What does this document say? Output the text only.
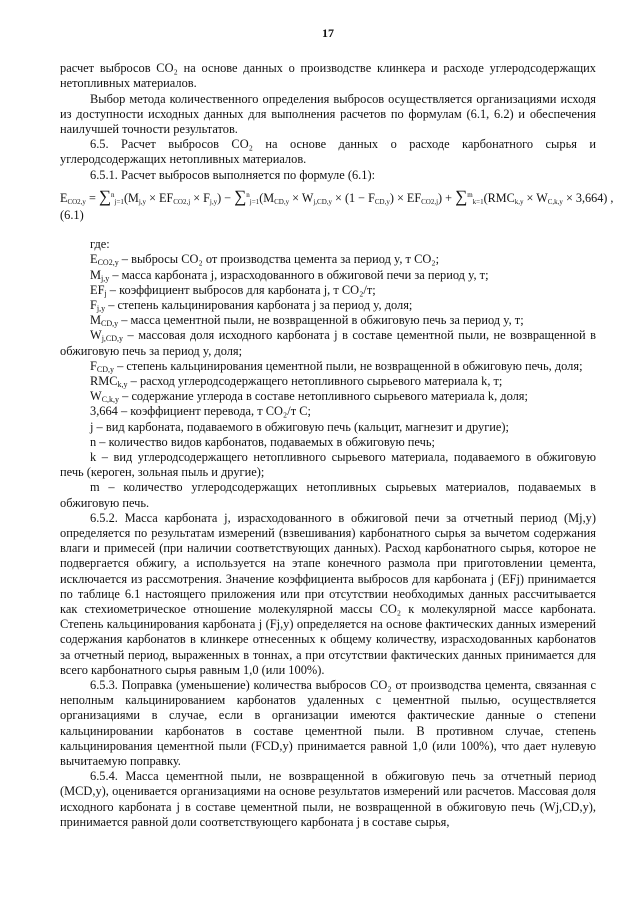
17

расчет выбросов CO₂ на основе данных о производстве клинкера и расходе углеродсодержащих нетопливных материалов.

Выбор метода количественного определения выбросов осуществляется организациями исходя из доступности исходных данных для выполнения расчетов по формулам (6.1, 6.2) и обеспечения наилучшей точности результатов.

6.5. Расчет выбросов CO₂ на основе данных о расходе карбонатного сырья и углеродсодержащих нетопливных материалов.

6.5.1. Расчет выбросов выполняется по формуле (6.1):

$E_{CO2,y} = \sum^n_{j=1}(M_{j,y} \times EF_{CO2,j} \times F_{j,y}) - \sum^n_{j=1}(M_{CD,y} \times W_{j,CD,y} \times (1 - F_{CD,y}) \times EF_{CO2,j}) + \sum^m_{k=1}(RMC_{k,y} \times W_{C,k,y} \times 3,664)$ ,
(6.1)

где:

$E_{CO2,y}$ – выбросы CO₂ от производства цемента за период y, т CO₂;

$M_{j,y}$ – масса карбоната j, израсходованного в обжиговой печи за период y, т;

$EF_j$ – коэффициент выбросов для карбоната j, т CO₂/т;

$F_{j,y}$ – степень кальцинирования карбоната j за период y, доля;

$M_{CD,y}$ – масса цементной пыли, не возвращенной в обжиговую печь за период y, т;

$W_{j,CD,y}$ – массовая доля исходного карбоната j в составе цементной пыли, не возвращенной в обжиговую печь за период y, доля;

$F_{CD,y}$ – степень кальцинирования цементной пыли, не возвращенной в обжиговую печь, доля;

$RMC_{k,y}$ – расход углеродсодержащего нетопливного сырьевого материала k, т;

$W_{C,k,y}$ – содержание углерода в составе нетопливного сырьевого материала k, доля;

3,664 – коэффициент перевода, т CO₂/т C;

j – вид карбоната, подаваемого в обжиговую печь (кальцит, магнезит и другие);

n – количество видов карбонатов, подаваемых в обжиговую печь;

k – вид углеродсодержащего нетопливного сырьевого материала, подаваемого в обжиговую печь (кероген, зольная пыль и другие);

m – количество углеродсодержащих нетопливных сырьевых материалов, подаваемых в обжиговую печь.

6.5.2. Масса карбоната j, израсходованного в обжиговой печи за отчетный период (Mj,y) определяется по результатам измерений (взвешивания) карбонатного сырья за вычетом содержания влаги и примесей (при наличии соответствующих данных). Расход карбонатного сырья, которое не подвергается обжигу, а используется на этапе конечного размола при приготовлении цемента, исключается из рассмотрения. Значение коэффициента выбросов для карбоната j (EFj) принимается по таблице 6.1 настоящего приложения или при отсутствии необходимых данных рассчитывается как стехиометрическое отношение молекулярной массы CO₂ к молекулярной массе карбоната. Степень кальцинирования карбоната j (Fj,y) определяется на основе фактических данных измерений содержания карбонатов в клинкере отнесенных к общему количеству, израсходованных карбонатов за отчетный период, выраженных в тоннах, а при отсутствии фактических данных принимается для всего карбонатного сырья равным 1,0 (или 100%).

6.5.3. Поправка (уменьшение) количества выбросов CO₂ от производства цемента, связанная с неполным кальцинированием карбонатов удаленных с цементной пылью, осуществляется организациями в случае, если в организации имеются фактические данные о степени кальцинировании карбонатов в составе цементной пыли. В противном случае, степень кальцинирования цементной пыли (FCD,y) принимается равной 1,0 (или 100%), что дает нулевую вычитаемую поправку.

6.5.4. Масса цементной пыли, не возвращенной в обжиговую печь за отчетный период (MCD,y), оценивается организациями на основе результатов измерений или расчетов. Массовая доля исходного карбоната j в составе цементной пыли, не возвращенной в обжиговую печь (Wj,CD,y), принимается равной доли соответствующего карбоната j в составе сырья,
